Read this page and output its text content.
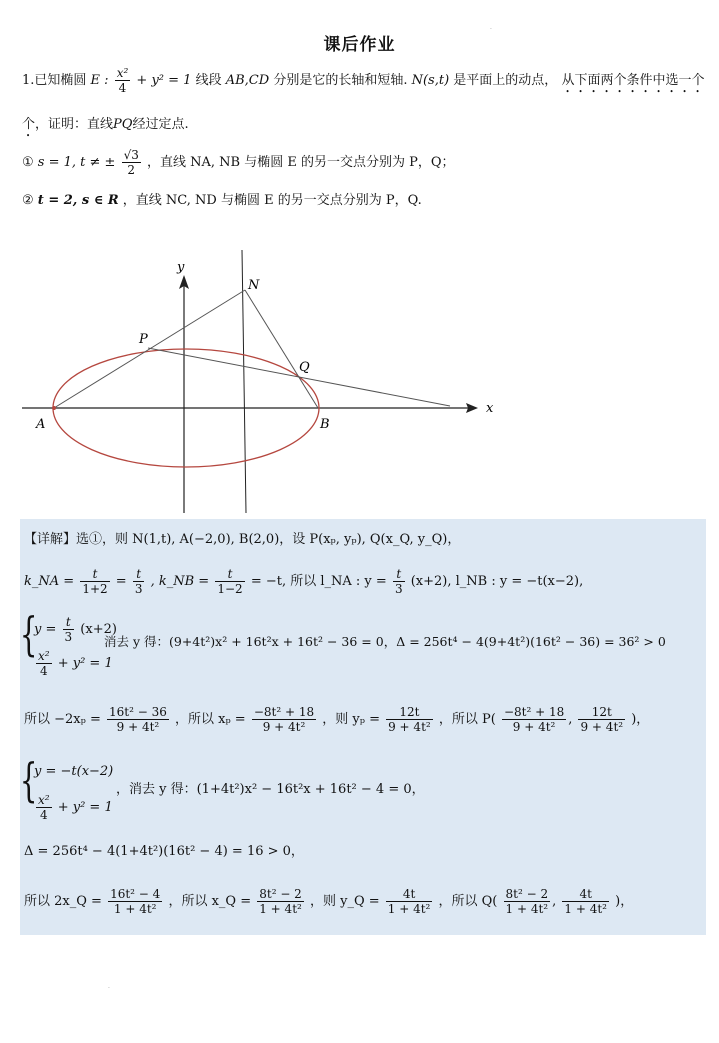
课后作业
·
1.已知椭圆 E : $\frac{\text{x²}}{4} + y^2 = 1$ 线段 AB,CD 分别是它的长轴和短轴. N(s,t) 是平面上的动点， 从下面两个条件中选一个
个，证明：直线PQ经过定点.
① s = 1, t ≠ ± $\frac{√3}{2}$ ，直线 NA, NB 与椭圆 E 的另一交点分别为 P，Q；
② t = 2, s ∈ R ，直线 NC, ND 与椭圆 E 的另一交点分别为 P，Q.
y
x
N
P
Q
A	B
【详解】选①，则 N(1,t), A(−2,0), B(2,0)，设 P(xₚ, yₚ), Q(x_Q, y_Q)，
k_NA = $\frac{t}{1+2} = \frac{t}{3}$ , k_NB = $\frac{t}{1-2} = -t$, 所以 l_NA : $y = \frac{t}{3} (x+2)$, l_NB : y = −t(x−2),
{
$y = \frac{t}{3} (x+2)$
$\frac{\text{x²}}{4} + y^2 = 1$
消去 y 得：(9+4t²)x² + 16t²x + 16t² − 36 = 0，Δ = 256t⁴ − 4(9+4t²)(16t² − 36) = 36² > 0
所以 $-2x_p = \frac{\text{16t² − 36}}{\text{9 + 4t²}}$ ，所以 $x_p = \frac{\text{−8t² + 18}}{\text{9 + 4t²}}$ ，则 $y_p = \frac{12t}{\text{9 + 4t²}}$ ，所以 $P( \frac{\text{−8t² + 18}}{\text{9 + 4t²}}$ , $\frac{12t}{\text{9 + 4t²}}$ )，
{
y = −t(x−2)
$\frac{\text{x²}}{4} + y^2 = 1$
，消去 y 得：(1+4t²)x² − 16t²x + 16t² − 4 = 0，
Δ = 256t⁴ − 4(1+4t²)(16t² − 4) = 16 > 0，
所以 2x_Q = $\frac{\text{16t² − 4}}{\text{1 + 4t²}}$ ，所以 x_Q = $\frac{\text{8t² − 2}}{\text{1 + 4t²}}$ ，则 y_Q = $\frac{4t}{\text{1 + 4t²}}$ ，所以 $Q( \frac{\text{8t² − 2}}{\text{1 + 4t²}}$ , $\frac{4t}{\text{1 + 4t²}}$ )，
·
